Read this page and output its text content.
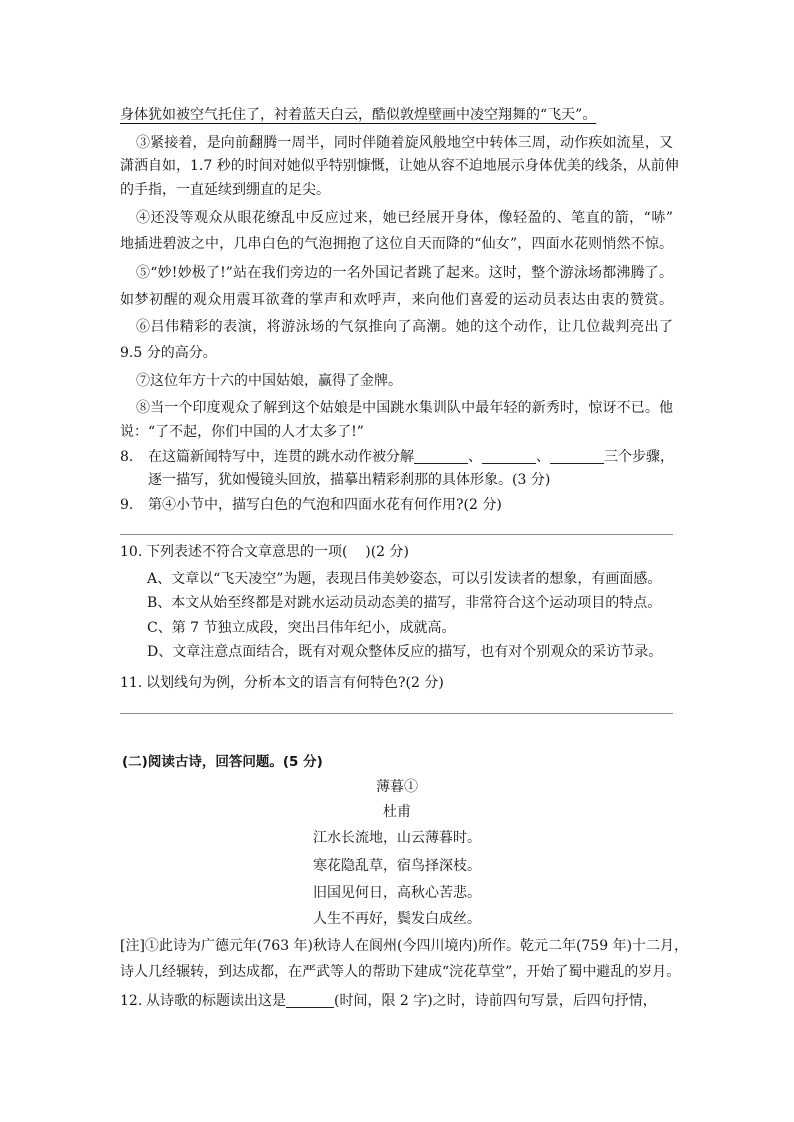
身体犹如被空气托住了，衬着蓝天白云，酷似敦煌壁画中凌空翔舞的“飞天”。
③紧接着，是向前翻腾一周半，同时伴随着旋风般地空中转体三周，动作疾如流星，又
潇洒自如，1.7 秒的时间对她似乎特别慷慨，让她从容不迫地展示身体优美的线条，从前伸
的手指，一直延续到绷直的足尖。
④还没等观众从眼花缭乱中反应过来，她已经展开身体，像轻盈的、笔直的箭，“哧”
地插进碧波之中，几串白色的气泡拥抱了这位自天而降的“仙女”，四面水花则悄然不惊。
⑤“妙!妙极了!”站在我们旁边的一名外国记者跳了起来。这时，整个游泳场都沸腾了。
如梦初醒的观众用震耳欲聋的掌声和欢呼声，来向他们喜爱的运动员表达由衷的赞赏。
⑥吕伟精彩的表演，将游泳场的气氛推向了高潮。她的这个动作，让几位裁判亮出了
9.5 分的高分。
⑦这位年方十六的中国姑娘，赢得了金牌。
⑧当一个印度观众了解到这个姑娘是中国跳水集训队中最年轻的新秀时，惊讶不已。他
说：“了不起，你们中国的人才太多了!”
8. 在这篇新闻特写中，连贯的跳水动作被分解	、	、	三个步骤，
逐一描写，犹如慢镜头回放，描摹出精彩刹那的具体形象。(3 分)
9. 第④小节中，描写白色的气泡和四面水花有何作用?(2 分)
10. 下列表述不符合文章意思的一项(    )(2 分)
A、文章以“飞天凌空”为题，表现吕伟美妙姿态，可以引发读者的想象，有画面感。
B、本文从始至终都是对跳水运动员动态美的描写，非常符合这个运动项目的特点。
C、第 7 节独立成段，突出吕伟年纪小，成就高。
D、文章注意点面结合，既有对观众整体反应的描写，也有对个别观众的采访节录。
11. 以划线句为例，分析本文的语言有何特色?(2 分)
(二)阅读古诗，回答问题。(5 分)
薄暮①
杜甫
江水长流地，山云薄暮时。
寒花隐乱草，宿鸟择深枝。
旧国见何日，高秋心苦悲。
人生不再好，鬓发白成丝。
[注]①此诗为广德元年(763 年)秋诗人在阆州(今四川境内)所作。乾元二年(759 年)十二月，
诗人几经辗转，到达成都，在严武等人的帮助下建成“浣花草堂”，开始了蜀中避乱的岁月。
12. 从诗歌的标题读出这是	(时间，限 2 字)之时，诗前四句写景，后四句抒情，
